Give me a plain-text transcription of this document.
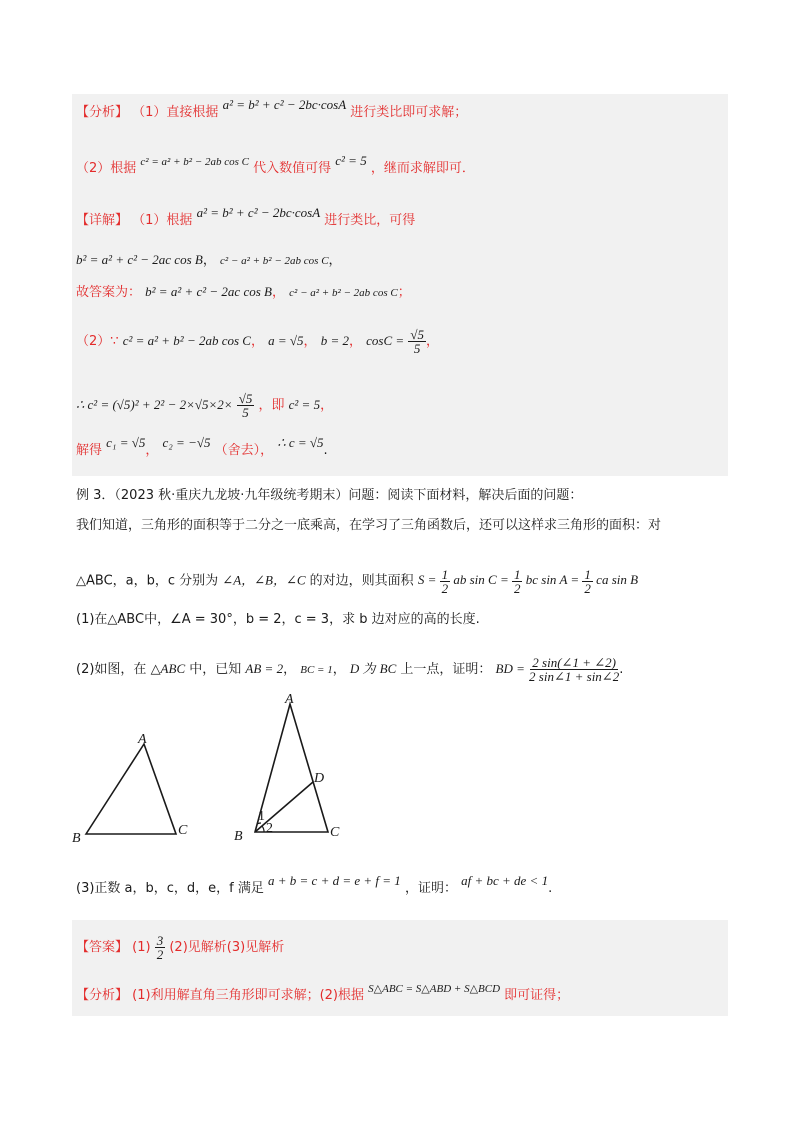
【分析】 （1）直接根据 a² = b² + c² − 2bc·cosA 进行类比即可求解；
（2）根据 $^{c^2 = a^2 + b^2 - 2ab cos C}$ 代入数值可得 c² = 5 ，继而求解即可．
【详解】 （1）根据 a² = b² + c² − 2bc·cosA 进行类比，可得
b² = a² + c² − 2ac cos B， c² − a² + b² − 2ab cos C，
故答案为： b² = a² + c² − 2ac cos B， c² − a² + b² − 2ab cos C；
（2）∵ c² = a² + b² − 2ab cos C， a = √5， b = 2， $\cos C = \frac{√5}{5}$ ，
∴ $c^2 = (√5)^2 + 2^2 - 2\times√5\times 2\times \frac{√5}{5}$ ，即 c² = 5，
解得 c₁ = √5， c₂ = −√5 （舍去）， ∴ c = √5.
例 3．（2023 秋·重庆九龙坡·九年级统考期末）问题：阅读下面材料，解决后面的问题：
我们知道，三角形的面积等于二分之一底乘高，在学习了三角函数后，还可以这样求三角形的面积：对
△ABC，a，b，c 分别为 ∠A，∠B，∠C 的对边，则其面积 $S = \frac{1}{2}$ ab $\sin C = \frac{1}{2}$ bc $\sin A = \frac{1}{2}$ ca sin B
(1)在△ABC中，∠A = 30°，b = 2，c = 3，求 b 边对应的高的长度.
(2)如图，在 △ABC 中，已知 AB = 2， BC = 1， D 为 BC 上一点，证明： BD = $\frac{2 \sin(\angle 1 + \angle 2)}{2 \sin\angle 1 + \sin\angle 2}$ .
A
B
C
A
B	C
D
1
2
(3)正数 a，b，c，d，e，f 满足 a + b = c + d = e + f = 1 ，证明： af + bc + de < 1.
【答案】 $(1) \frac{3}{2} (2)$见解析(3)见解析
【分析】 (1)利用解直角三角形即可求解；(2)根据 $^{S\triangle ABC = S\triangle ABD + S\triangle BCD}$ 即可证得；
